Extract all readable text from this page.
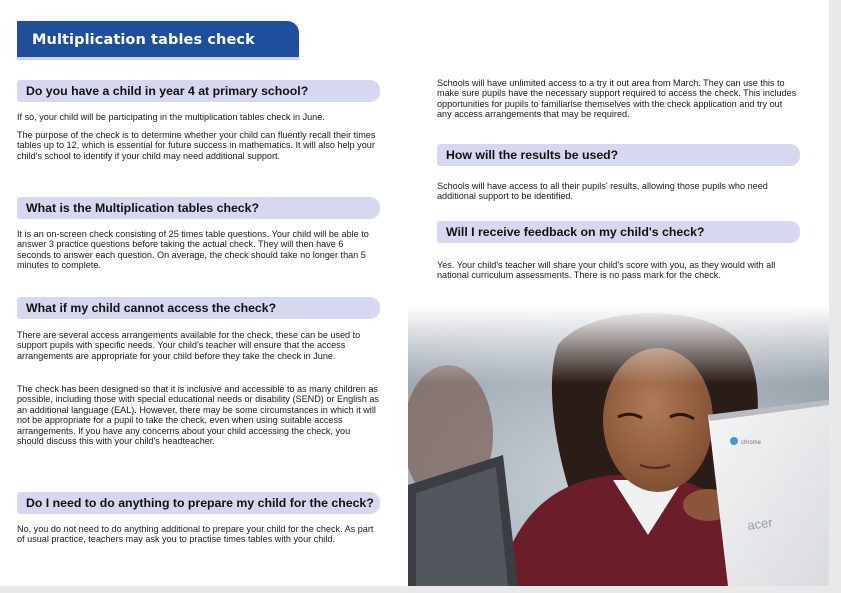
Multiplication tables check
Do you have a child in year 4 at primary school?

If so, your child will be participating in the multiplication tables check in June.

The purpose of the check is to determine whether your child can fluently recall their times tables up to 12, which is essential for future success in mathematics. It will also help your child's school to identify if your child may need additional support.

What is the Multiplication tables check?

It is an on-screen check consisting of 25 times table questions. Your child will be able to answer 3 practice questions before taking the actual check. They will then have 6 seconds to answer each question. On average, the check should take no longer than 5 minutes to complete.

What if my child cannot access the check?

There are several access arrangements available for the check, these can be used to support pupils with specific needs. Your child's teacher will ensure that the access arrangements are appropriate for your child before they take the check in June.

The check has been designed so that it is inclusive and accessible to as many children as possible, including those with special educational needs or disability (SEND) or English as an additional language (EAL). However, there may be some circumstances in which it will not be appropriate for a pupil to take the check, even when using suitable access arrangements. If you have any concerns about your child accessing the check, you should discuss this with your child's headteacher.

Do I need to do anything to prepare my child for the check?

No, you do not need to do anything additional to prepare your child for the check. As part of usual practice, teachers may ask you to practise times tables with your child.

Schools will have unlimited access to a try it out area from March. They can use this to make sure pupils have the necessary support required to access the check. This includes opportunities for pupils to familiarise themselves with the check application and try out any access arrangements that may be required.

How will the results be used?

Schools will have access to all their pupils' results, allowing those pupils who need additional support to be identified.

Will I receive feedback on my child's check?

Yes. Your child's teacher will share your child's score with you, as they would with all national curriculum assessments. There is no pass mark for the check.
